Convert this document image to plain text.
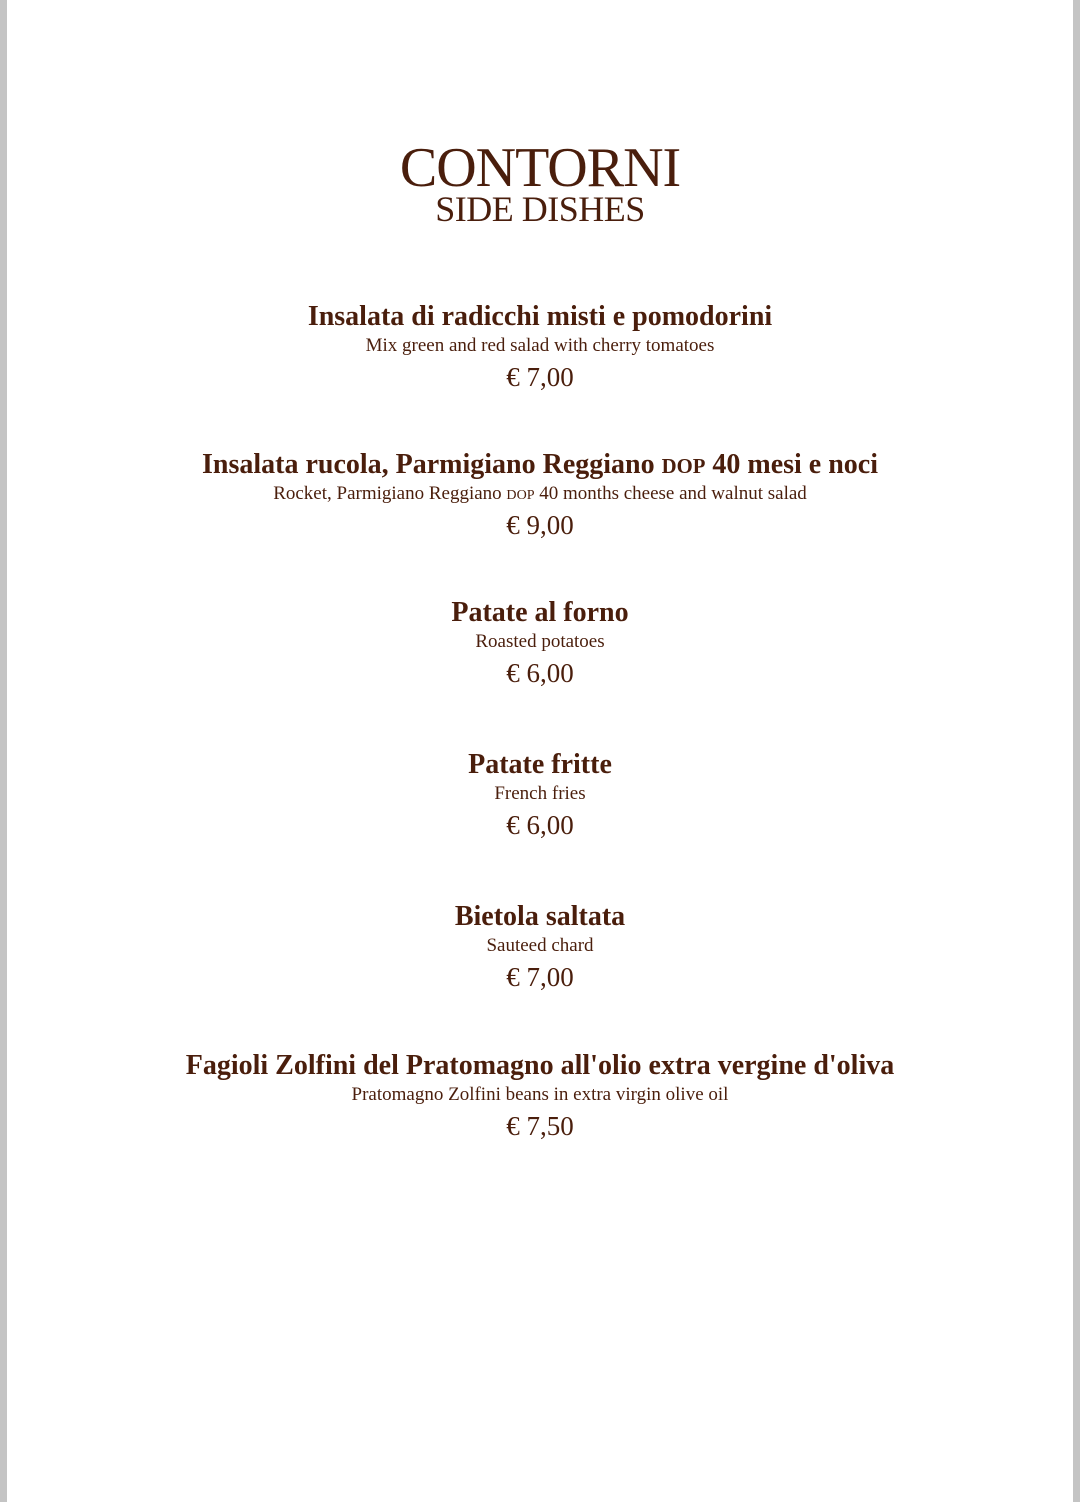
CONTORNI
SIDE DISHES
Insalata di radicchi misti e pomodorini
Mix green and red salad with cherry tomatoes
€ 7,00
Insalata rucola, Parmigiano Reggiano DOP 40 mesi e noci
Rocket, Parmigiano Reggiano DOP 40 months cheese and walnut salad
€ 9,00
Patate al forno
Roasted potatoes
€ 6,00
Patate fritte
French fries
€ 6,00
Bietola saltata
Sauteed chard
€ 7,00
Fagioli Zolfini del Pratomagno all'olio extra vergine d'oliva
Pratomagno Zolfini beans in extra virgin olive oil
€ 7,50
